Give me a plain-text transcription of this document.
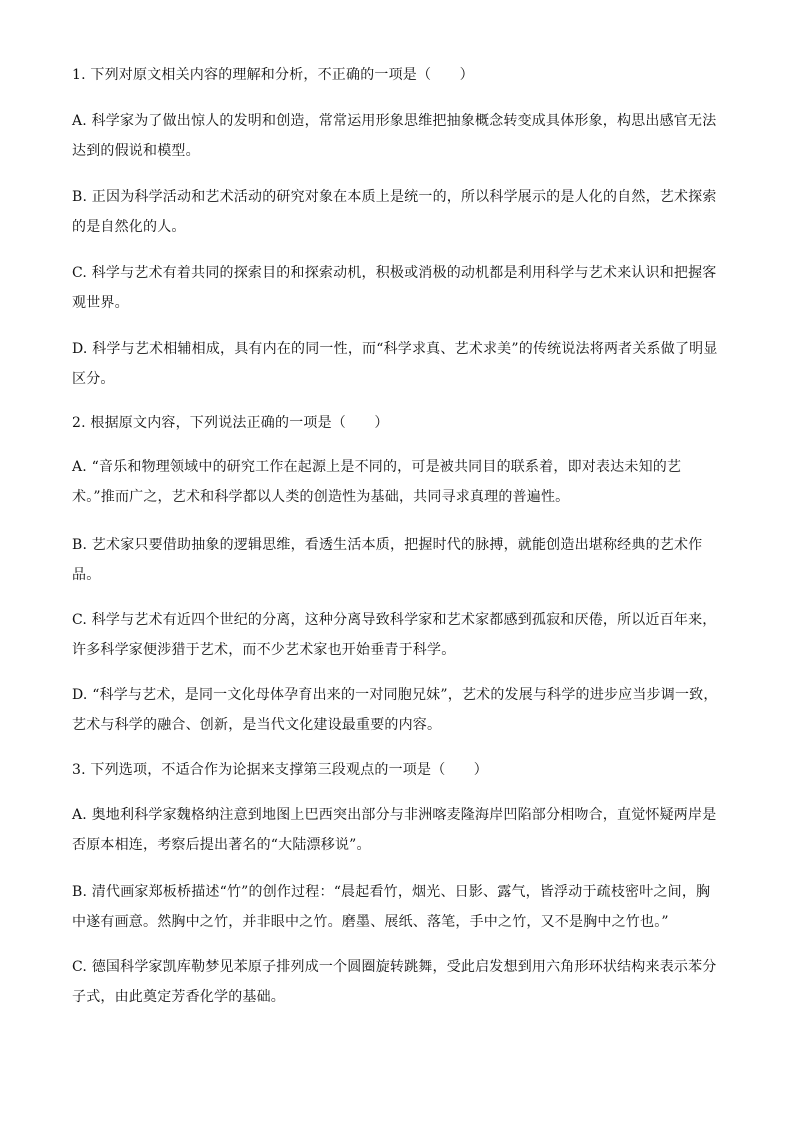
1. 下列对原文相关内容的理解和分析，不正确的一项是（　　）

A. 科学家为了做出惊人的发明和创造，常常运用形象思维把抽象概念转变成具体形象，构思出感官无法达到的假说和模型。

B. 正因为科学活动和艺术活动的研究对象在本质上是统一的，所以科学展示的是人化的自然，艺术探索的是自然化的人。

C. 科学与艺术有着共同的探索目的和探索动机，积极或消极的动机都是利用科学与艺术来认识和把握客观世界。

D. 科学与艺术相辅相成，具有内在的同一性，而“科学求真、艺术求美”的传统说法将两者关系做了明显区分。

2. 根据原文内容，下列说法正确的一项是（　　）

A. “音乐和物理领域中的研究工作在起源上是不同的，可是被共同目的联系着，即对表达未知的艺术。”推而广之，艺术和科学都以人类的创造性为基础，共同寻求真理的普遍性。

B. 艺术家只要借助抽象的逻辑思维，看透生活本质，把握时代的脉搏，就能创造出堪称经典的艺术作品。

C. 科学与艺术有近四个世纪的分离，这种分离导致科学家和艺术家都感到孤寂和厌倦，所以近百年来，许多科学家便涉猎于艺术，而不少艺术家也开始垂青于科学。

D. “科学与艺术，是同一文化母体孕育出来的一对同胞兄妹”，艺术的发展与科学的进步应当步调一致，艺术与科学的融合、创新，是当代文化建设最重要的内容。

3. 下列选项，不适合作为论据来支撑第三段观点的一项是（　　）

A. 奥地利科学家魏格纳注意到地图上巴西突出部分与非洲喀麦隆海岸凹陷部分相吻合，直觉怀疑两岸是否原本相连，考察后提出著名的“大陆漂移说”。

B. 清代画家郑板桥描述“竹”的创作过程：“晨起看竹，烟光、日影、露气，皆浮动于疏枝密叶之间，胸中遂有画意。然胸中之竹，并非眼中之竹。磨墨、展纸、落笔，手中之竹，又不是胸中之竹也。”

C. 德国科学家凯库勒梦见苯原子排列成一个圆圈旋转跳舞，受此启发想到用六角形环状结构来表示苯分子式，由此奠定芳香化学的基础。
